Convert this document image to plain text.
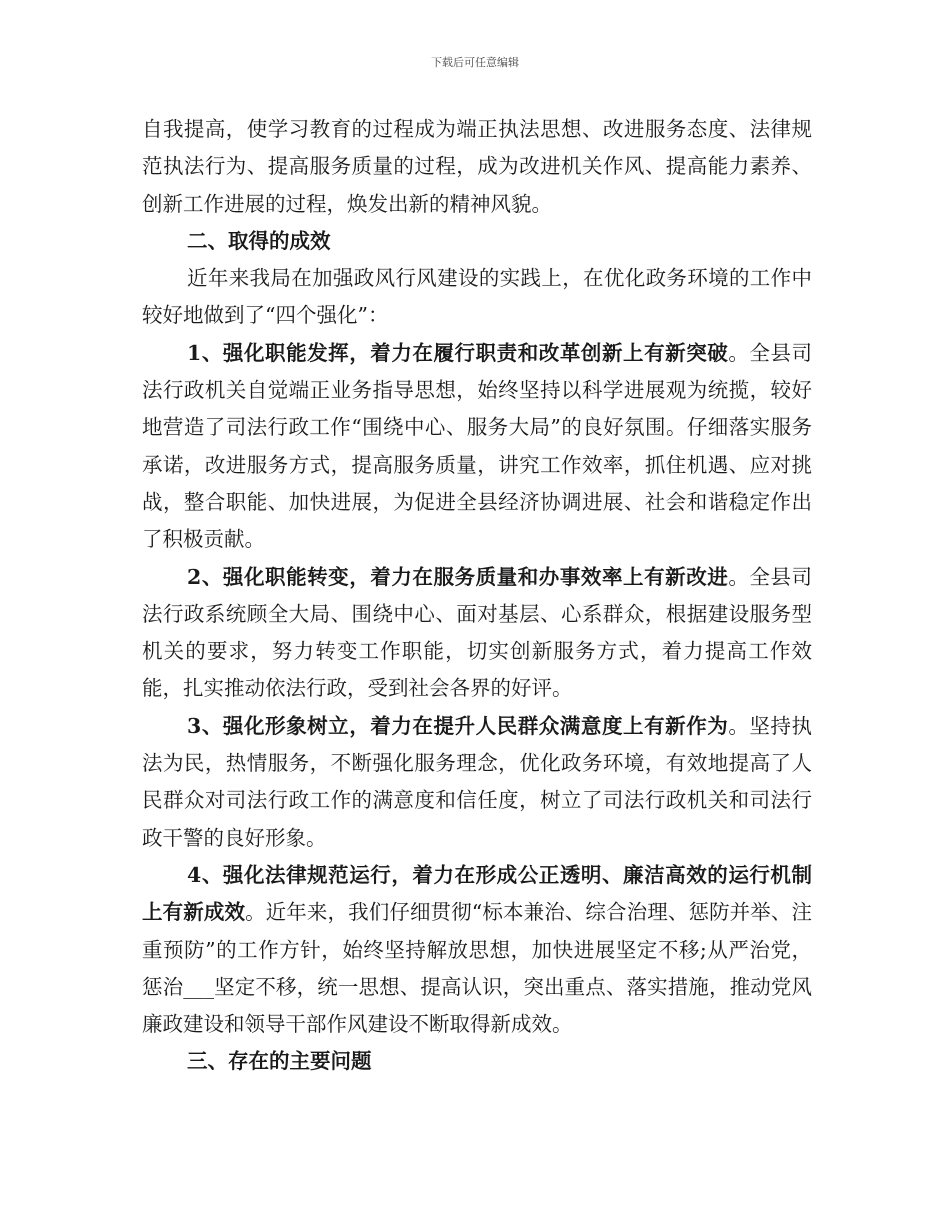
下载后可任意编辑

自我提高，使学习教育的过程成为端正执法思想、改进服务态度、法律规范执法行为、提高服务质量的过程，成为改进机关作风、提高能力素养、创新工作进展的过程，焕发出新的精神风貌。

二、取得的成效

近年来我局在加强政风行风建设的实践上，在优化政务环境的工作中较好地做到了“四个强化”：

1、强化职能发挥，着力在履行职责和改革创新上有新突破。全县司法行政机关自觉端正业务指导思想，始终坚持以科学进展观为统揽，较好地营造了司法行政工作“围绕中心、服务大局”的良好氛围。仔细落实服务承诺，改进服务方式，提高服务质量，讲究工作效率，抓住机遇、应对挑战，整合职能、加快进展，为促进全县经济协调进展、社会和谐稳定作出了积极贡献。

2、强化职能转变，着力在服务质量和办事效率上有新改进。全县司法行政系统顾全大局、围绕中心、面对基层、心系群众，根据建设服务型机关的要求，努力转变工作职能，切实创新服务方式，着力提高工作效能，扎实推动依法行政，受到社会各界的好评。

3、强化形象树立，着力在提升人民群众满意度上有新作为。坚持执法为民，热情服务，不断强化服务理念，优化政务环境，有效地提高了人民群众对司法行政工作的满意度和信任度，树立了司法行政机关和司法行政干警的良好形象。

4、强化法律规范运行，着力在形成公正透明、廉洁高效的运行机制上有新成效。近年来，我们仔细贯彻“标本兼治、综合治理、惩防并举、注重预防”的工作方针，始终坚持解放思想，加快进展坚定不移;从严治党，惩治___坚定不移，统一思想、提高认识，突出重点、落实措施，推动党风廉政建设和领导干部作风建设不断取得新成效。

三、存在的主要问题
